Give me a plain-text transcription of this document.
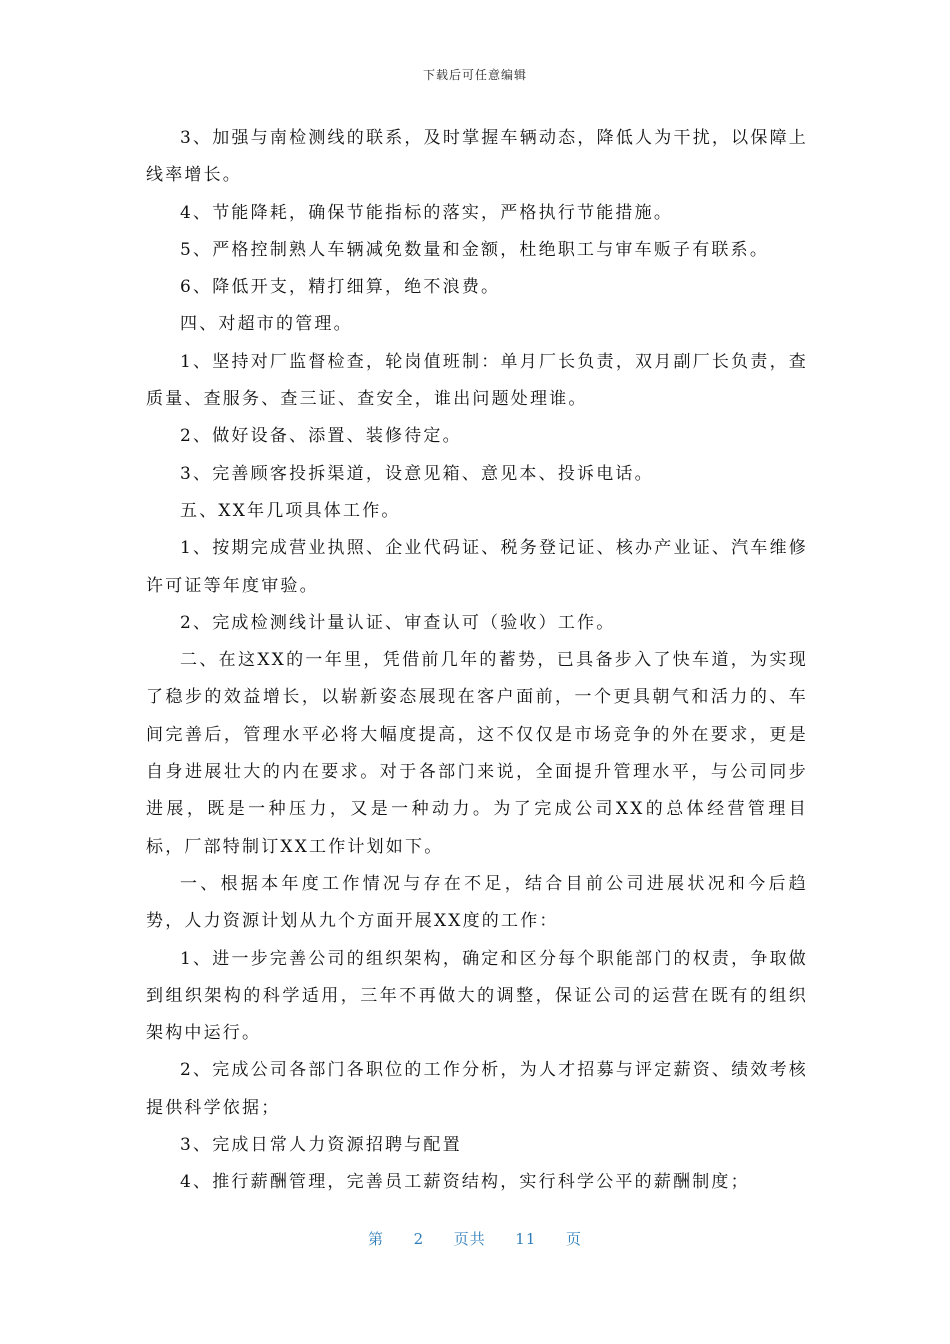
下载后可任意编辑

3、加强与南检测线的联系，及时掌握车辆动态，降低人为干扰，以保障上线率增长。

4、节能降耗，确保节能指标的落实，严格执行节能措施。

5、严格控制熟人车辆减免数量和金额，杜绝职工与审车贩子有联系。

6、降低开支，精打细算，绝不浪费。

四、对超市的管理。

1、坚持对厂监督检查，轮岗值班制：单月厂长负责，双月副厂长负责，查质量、查服务、查三证、查安全，谁出问题处理谁。

2、做好设备、添置、装修待定。

3、完善顾客投拆渠道，设意见箱、意见本、投诉电话。

五、XX年几项具体工作。

1、按期完成营业执照、企业代码证、税务登记证、核办产业证、汽车维修许可证等年度审验。

2、完成检测线计量认证、审查认可（验收）工作。

二、在这XX的一年里，凭借前几年的蓄势，已具备步入了快车道，为实现了稳步的效益增长，以崭新姿态展现在客户面前，一个更具朝气和活力的、车间完善后，管理水平必将大幅度提高，这不仅仅是市场竞争的外在要求，更是自身进展壮大的内在要求。对于各部门来说，全面提升管理水平，与公司同步进展，既是一种压力，又是一种动力。为了完成公司XX的总体经营管理目标，厂部特制订XX工作计划如下。

一、根据本年度工作情况与存在不足，结合目前公司进展状况和今后趋势，人力资源计划从九个方面开展XX度的工作：

1、进一步完善公司的组织架构，确定和区分每个职能部门的权责，争取做到组织架构的科学适用，三年不再做大的调整，保证公司的运营在既有的组织架构中运行。

2、完成公司各部门各职位的工作分析，为人才招募与评定薪资、绩效考核提供科学依据；

3、完成日常人力资源招聘与配置

4、推行薪酬管理，完善员工薪资结构，实行科学公平的薪酬制度；

第 2 页共 11 页
